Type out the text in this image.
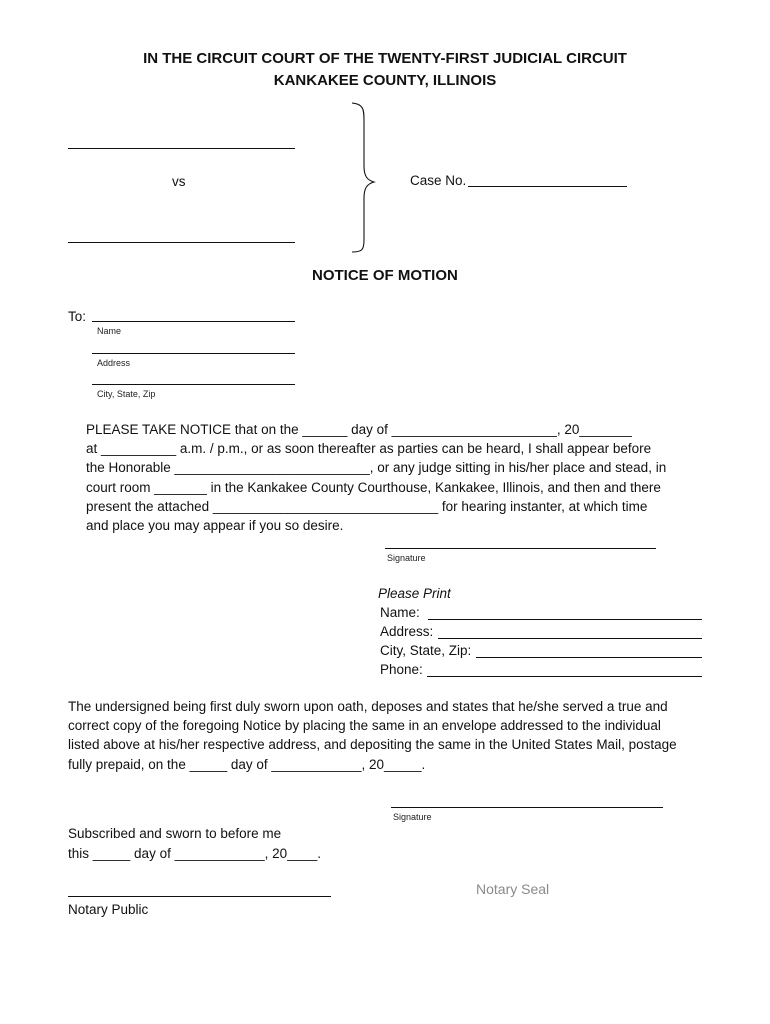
IN THE CIRCUIT COURT OF THE TWENTY-FIRST JUDICIAL CIRCUIT
KANKAKEE COUNTY, ILLINOIS
vs	Case No.
NOTICE OF MOTION
To:
Name
Address
City, State, Zip
PLEASE TAKE NOTICE that on the ______ day of ______________________, 20_______
at __________ a.m. / p.m., or as soon thereafter as parties can be heard, I shall appear before
the Honorable __________________________, or any judge sitting in his/her place and stead, in
court room _______ in the Kankakee County Courthouse, Kankakee, Illinois, and then and there
present the attached ______________________________ for hearing instanter, at which time
and place you may appear if you so desire.
Signature
Please Print
Name:
Address:
City, State, Zip:
Phone:
The undersigned being first duly sworn upon oath, deposes and states that he/she served a true and
correct copy of the foregoing Notice by placing the same in an envelope addressed to the individual
listed above at his/her respective address, and depositing the same in the United States Mail, postage
fully prepaid, on the _____ day of ____________, 20_____.
Signature
Subscribed and sworn to before me
this _____ day of ____________, 20____.
Notary Public
Notary Seal
